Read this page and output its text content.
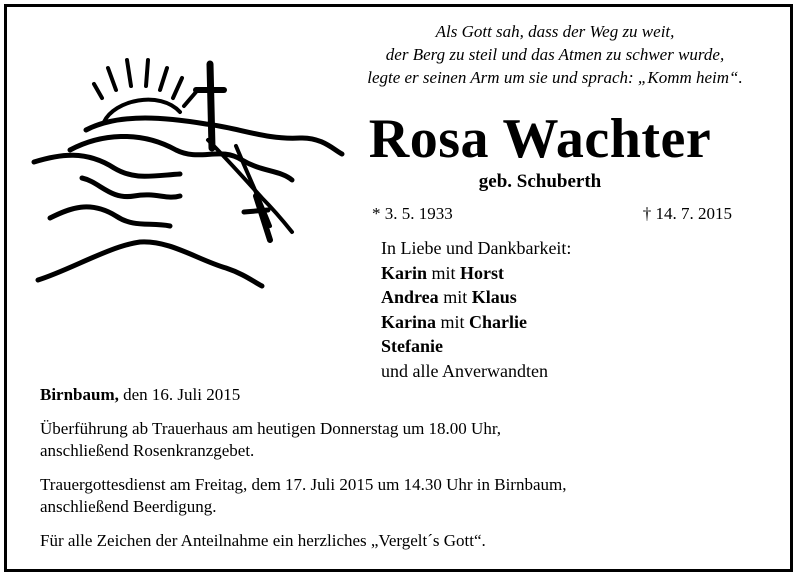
Als Gott sah, dass der Weg zu weit,
der Berg zu steil und das Atmen zu schwer wurde,
legte er seinen Arm um sie und sprach: „Komm heim“.
Rosa Wachter
geb. Schuberth
* 3. 5. 1933	† 14. 7. 2015
In Liebe und Dankbarkeit:
Karin mit Horst
Andrea mit Klaus
Karina mit Charlie
Stefanie
und alle Anverwandten

Birnbaum, den 16. Juli 2015

Überführung ab Trauerhaus am heutigen Donnerstag um 18.00 Uhr,
anschließend Rosenkranzgebet.

Trauergottesdienst am Freitag, dem 17. Juli 2015 um 14.30 Uhr in Birnbaum,
anschließend Beerdigung.

Für alle Zeichen der Anteilnahme ein herzliches „Vergelt´s Gott“.
